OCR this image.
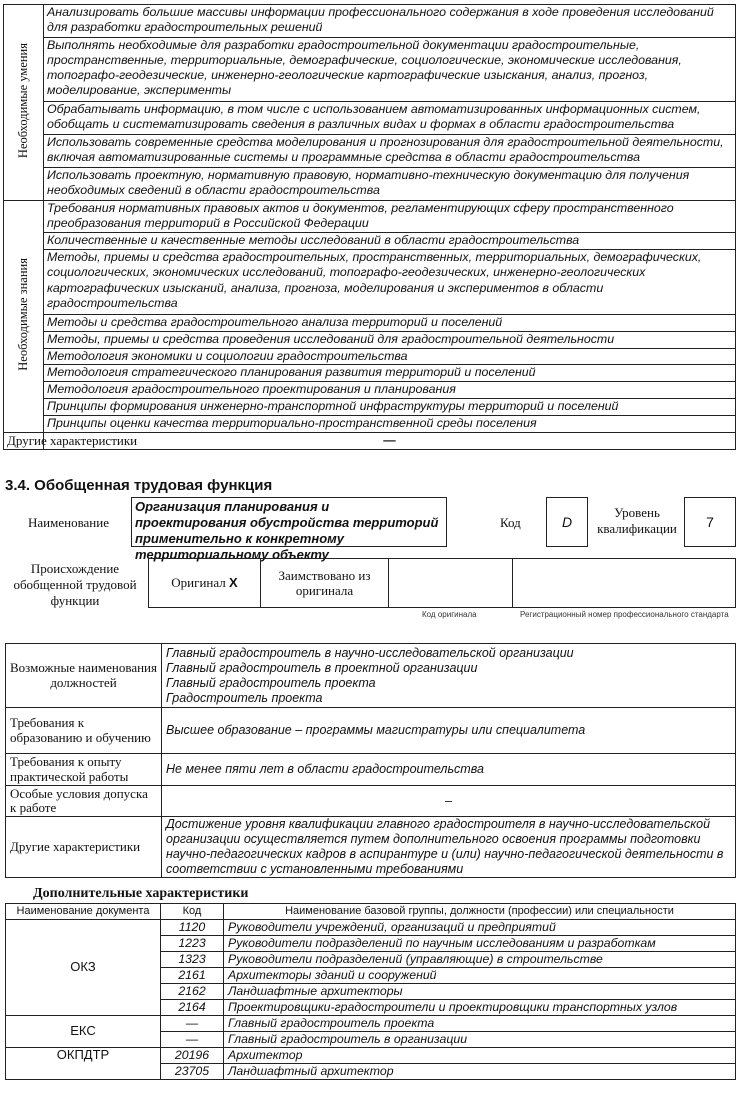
Необходимые умения	Анализировать большие массивы информации профессионального содержания в ходе проведения исследований для разработки градостроительных решений
	Выполнять необходимые для разработки градостроительной документации градостроительные, пространственные, территориальные, демографические, социологические, экономические исследования, топографо-геодезические, инженерно-геологические картографические изыскания, анализ, прогноз, моделирование, эксперименты
	Обрабатывать информацию, в том числе с использованием автоматизированных информационных систем, обобщать и систематизировать сведения в различных видах и формах в области градостроительства
	Использовать современные средства моделирования и прогнозирования для градостроительной деятельности, включая автоматизированные системы и программные средства в области градостроительства
	Использовать проектную, нормативную правовую, нормативно-техническую документацию для получения необходимых сведений в области градостроительства
Необходимые знания	Требования нормативных правовых актов и документов, регламентирующих сферу пространственного преобразования территорий в Российской Федерации
	Количественные и качественные методы исследований в области градостроительства
	Методы, приемы и средства градостроительных, пространственных, территориальных, демографических, социологических, экономических исследований, топографо-геодезических, инженерно-геологических картографических изысканий, анализа, прогноза, моделирования и экспериментов в области градостроительства
	Методы и средства градостроительного анализа территорий и поселений
	Методы, приемы и средства проведения исследований для градостроительной деятельности
	Методология экономики и социологии градостроительства
	Методология стратегического планирования развития территорий и поселений
	Методология градостроительного проектирования и планирования
	Принципы формирования инженерно-транспортной инфраструктуры территорий и поселений
	Принципы оценки качества территориально-пространственной среды поселения
Другие характеристики	—
3.4. Обобщенная трудовая функция
Наименование
Организация планирования и проектирования обустройства территорий применительно к конкретному территориальному объекту
Код	D
Уровень квалификации 7
Происхождение обобщенной трудовой функции
Оригинал X	Заимствовано из оригинала		
Код оригинала	Регистрационный номер профессионального стандарта
Возможные наименования должностей	Главный градостроитель в научно-исследовательской организации
Главный градостроитель в проектной организации
Главный градостроитель проекта
Градостроитель проекта

Требования к образованию и обучению	Высшее образование – программы магистратуры или специалитета
Требования к опыту практической работы	Не менее пяти лет в области градостроительства
Особые условия допуска к работе	–
Другие характеристики	Достижение уровня квалификации главного градостроителя в научно-исследовательской организации осуществляется путем дополнительного освоения программы подготовки научно-педагогических кадров в аспирантуре и (или) научно-педагогической деятельности в соответствии с установленными требованиями
Дополнительные характеристики
Наименование документа	Код	Наименование базовой группы, должности (профессии) или специальности
ОКЗ	1120	Руководители учреждений, организаций и предприятий
	1223	Руководители подразделений по научным исследованиям и разработкам
	1323	Руководители подразделений (управляющие) в строительстве
	2161	Архитекторы зданий и сооружений
	2162	Ландшафтные архитекторы
	2164	Проектировщики-градостроители и проектировщики транспортных узлов
ЕКС	—	Главный градостроитель проекта
	—	Главный градостроитель в организации
ОКПДТР	20196	Архитектор
	23705	Ландшафтный архитектор
